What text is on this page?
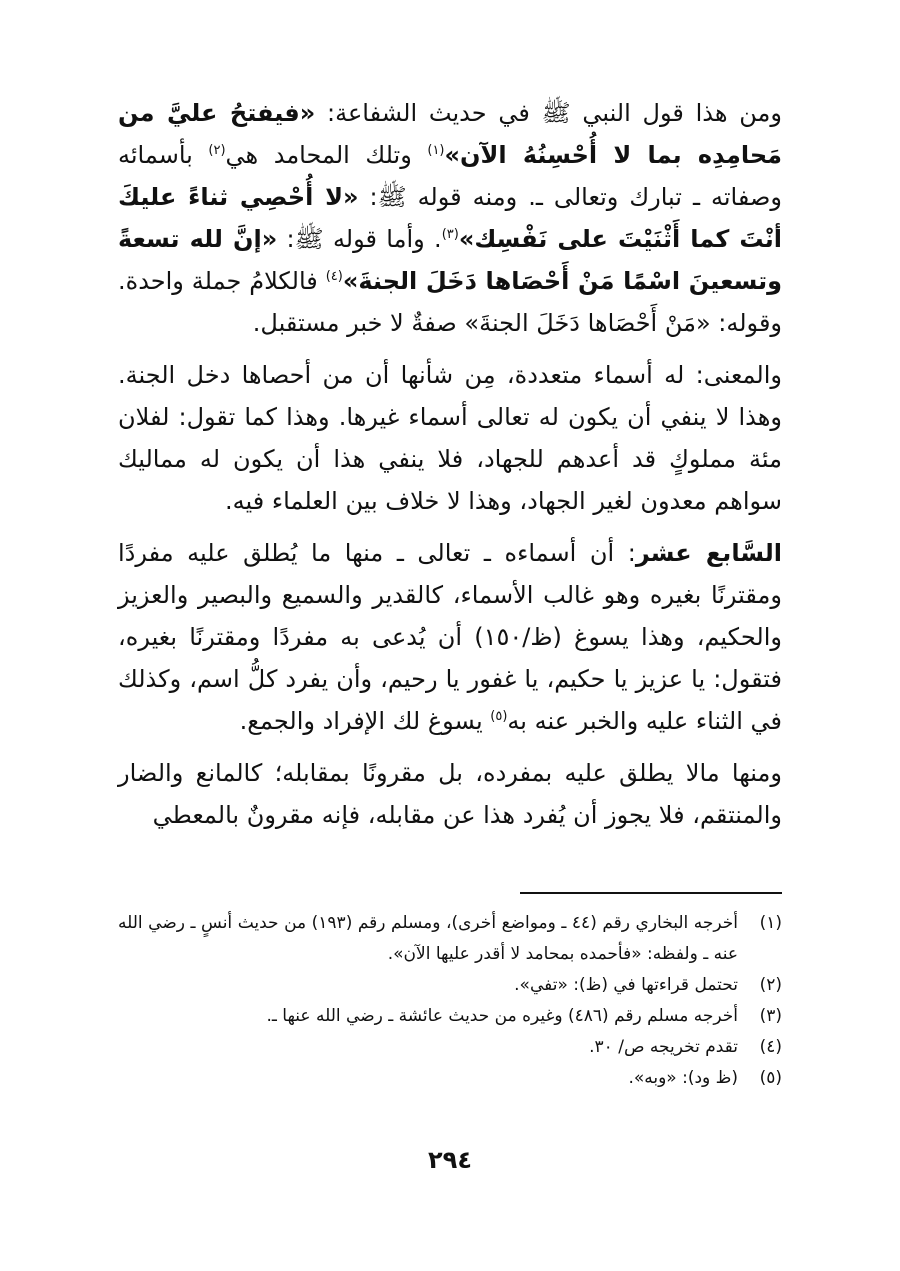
ومن هذا قول النبي ﷺ في حديث الشفاعة: «فيفتحُ عليَّ من مَحامِدِه بما لا أُحْسِنُهُ الآن»$^{(١)}$ وتلك المحامد هي$^{(٢)}$ بأسمائه وصفاته ـ تبارك وتعالى ـ. ومنه قوله ﷺ: «لا أُحْصِي ثناءً عليكَ أنْتَ كما أَثْنَيْتَ على نَفْسِك»$^{(٣)}$. وأما قوله ﷺ: «إنَّ لله تسعةً وتسعينَ اسْمًا مَنْ أَحْصَاها دَخَلَ الجنةَ»$^{(٤)}$ فالكلامُ جملة واحدة. وقوله: «مَنْ أَحْصَاها دَخَلَ الجنةَ» صفةٌ لا خبر مستقبل.

والمعنى: له أسماء متعددة، مِن شأنها أن من أحصاها دخل الجنة. وهذا لا ينفي أن يكون له تعالى أسماء غيرها. وهذا كما تقول: لفلان مئة مملوكٍ قد أعدهم للجهاد، فلا ينفي هذا أن يكون له مماليك سواهم معدون لغير الجهاد، وهذا لا خلاف بين العلماء فيه.

السَّابع عشر: أن أسماءه ـ تعالى ـ منها ما يُطلق عليه مفردًا ومقترنًا بغيره وهو غالب الأسماء، كالقدير والسميع والبصير والعزيز والحكيم، وهذا يسوغ (ظ/١٥٠) أن يُدعى به مفردًا ومقترنًا بغيره، فتقول: يا عزيز يا حكيم، يا غفور يا رحيم، وأن يفرد كلُّ اسم، وكذلك في الثناء عليه والخبر عنه به$^{(٥)}$ يسوغ لك الإفراد والجمع.

ومنها مالا يطلق عليه بمفرده، بل مقرونًا بمقابله؛ كالمانع والضار والمنتقم، فلا يجوز أن يُفرد هذا عن مقابله، فإنه مقرونٌ بالمعطي

(١)
أخرجه البخاري رقم (٤٤ ـ ومواضع أخرى)، ومسلم رقم (١٩٣) من حديث أنسٍ ـ رضي الله عنه ـ ولفظه: «فأحمده بمحامد لا أقدر عليها الآن».
(٢)
تحتمل قراءتها في (ظ): «تفي».
(٣)
أخرجه مسلم رقم (٤٨٦) وغيره من حديث عائشة ـ رضي الله عنها ـ.
(٤)
تقدم تخريجه ص/ ٣٠.
(٥)
(ظ ود): «وبه».
٢٩٤
